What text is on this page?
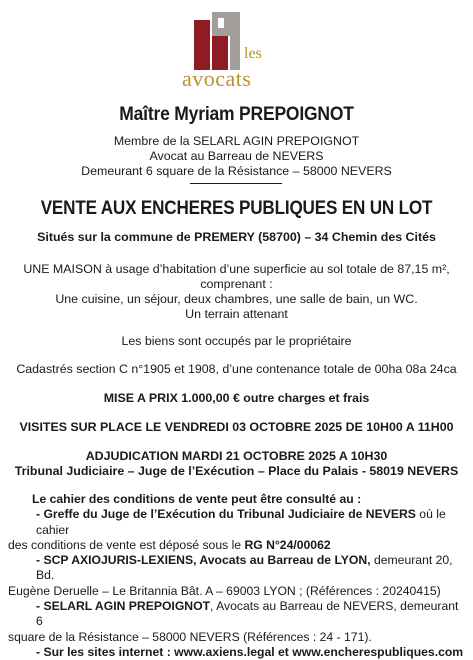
les
avocats
Maître Myriam PREPOIGNOT
Membre de la SELARL AGIN PREPOIGNOT
Avocat au Barreau de NEVERS
Demeurant 6 square de la Résistance – 58000 NEVERS
VENTE AUX ENCHERES PUBLIQUES EN UN LOT
Situés sur la commune de PREMERY (58700) – 34 Chemin des Cités
UNE MAISON à usage d’habitation d’une superficie au sol totale de 87,15 m²,
comprenant :
Une cuisine, un séjour, deux chambres, une salle de bain, un WC.
Un terrain attenant
Les biens sont occupés par le propriétaire
Cadastrés section C n°1905 et 1908, d’une contenance totale de 00ha 08a 24ca
MISE A PRIX 1.000,00 € outre charges et frais
VISITES SUR PLACE LE VENDREDI 03 OCTOBRE 2025 DE 10H00 A 11H00
ADJUDICATION MARDI 21 OCTOBRE 2025 A 10H30
Tribunal Judiciaire – Juge de l’Exécution – Place du Palais - 58019 NEVERS

Le cahier des conditions de vente peut être consulté au :

- Greffe du Juge de l’Exécution du Tribunal Judiciaire de NEVERS où le cahier

des conditions de vente est déposé sous le RG N°24/00062

- SCP AXIOJURIS-LEXIENS, Avocats au Barreau de LYON, demeurant 20, Bd.

Eugène Deruelle – Le Britannia Bât. A – 69003 LYON ; (Références : 20240415)

- SELARL AGIN PREPOIGNOT, Avocats au Barreau de NEVERS, demeurant 6

square de la Résistance – 58000 NEVERS (Références : 24 - 171).

- Sur les sites internet : www.axiens.legal et www.encherespubliques.com
